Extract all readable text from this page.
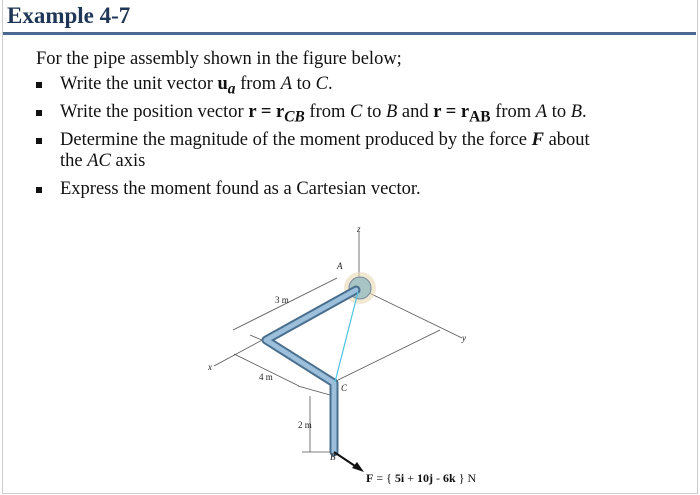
Example 4-7
For the pipe assembly shown in the figure below;
Write the unit vector $u_a$ from A to C.
Write the position vector $r = r_{CB}$ from C to B and $r = r_{AB}$ from A to B.
Determine the magnitude of the moment produced by the force F about
the AC axis
Express the moment found as a Cartesian vector.
z
y
x
A
C
B
3 m
4 m
2 m
F = { 5i + 10j - 6k } N
